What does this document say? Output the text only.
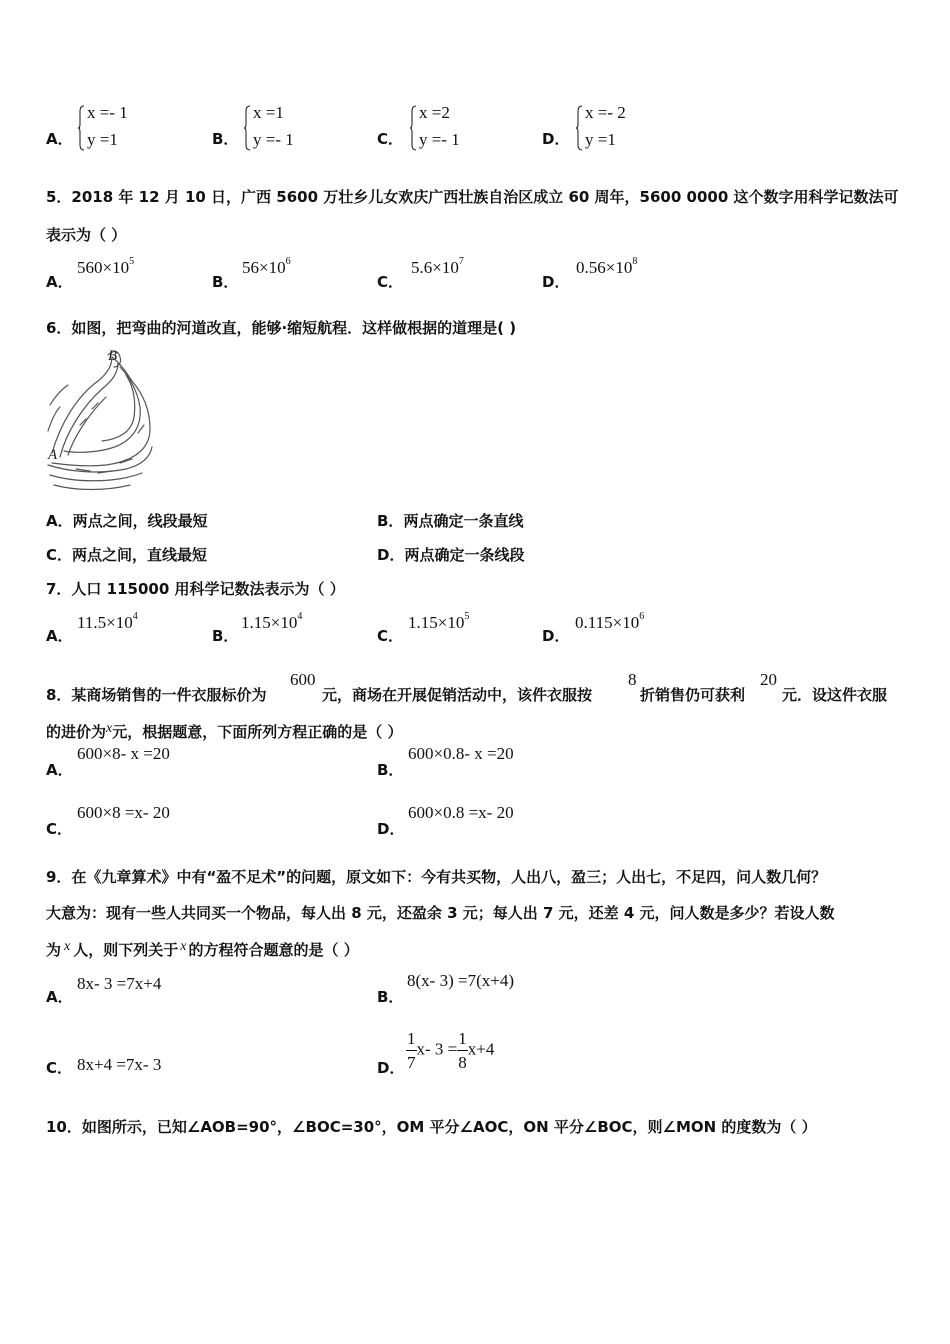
A．
x =- 1
y =1	B．
x =1
y =- 1	C．
x =2
y =- 1	D．
x =- 2
y =1
5．2018 年 12 月 10 日，广西 5600 万壮乡儿女欢庆广西壮族自治区成立 60 周年，5600 0000 这个数字用科学记数法可
表示为（ ）
A．
$560\times 10^5$
B．
$56\times 10^6$
C．
$5.6\times 10^7$
D．
$0.56\times 10^8$
6．如图，把弯曲的河道改直，能够·缩短航程．这样做根据的道理是( )
B
A
A．两点之间，线段最短	B．两点确定一条直线
C．两点之间，直线最短	D．两点确定一条线段
7．人口 115000 用科学记数法表示为（ ）
A．
$11.5\times 10^4$
B．
$1.15\times 10^4$
C．
$1.15\times 10^5$
D．
$0.115\times 10^6$
8．某商场销售的一件衣服标价为
600
元，商场在开展促销活动中，该件衣服按
8
折销售仍可获利
20
元．设这件衣服
的进价为x元，根据题意，下面所列方程正确的是（ ）
A．
600×8- x =20
B．
600×0.8- x =20
C．
600×8 =x- 20
D．
600×0.8 =x- 20
9．在《九章算术》中有“盈不足术”的问题，原文如下：今有共买物，人出八，盈三；人出七，不足四，问人数几何？
大意为：现有一些人共同买一个物品，每人出 8 元，还盈余 3 元；每人出 7 元，还差 4 元，问人数是多少？若设人数
为 x 人，则下列关于 x 的方程符合题意的是（ ）
A．
8x- 3 =7x+4
B．
8(x- 3) =7(x+4)
C． 8x+4 =7x- 3	D． $\frac{1}{7} x-$ $3 = \frac{1}{8} x+4$
10．如图所示，已知∠AOB=90°，∠BOC=30°，OM 平分∠AOC，ON 平分∠BOC，则∠MON 的度数为（ ）
